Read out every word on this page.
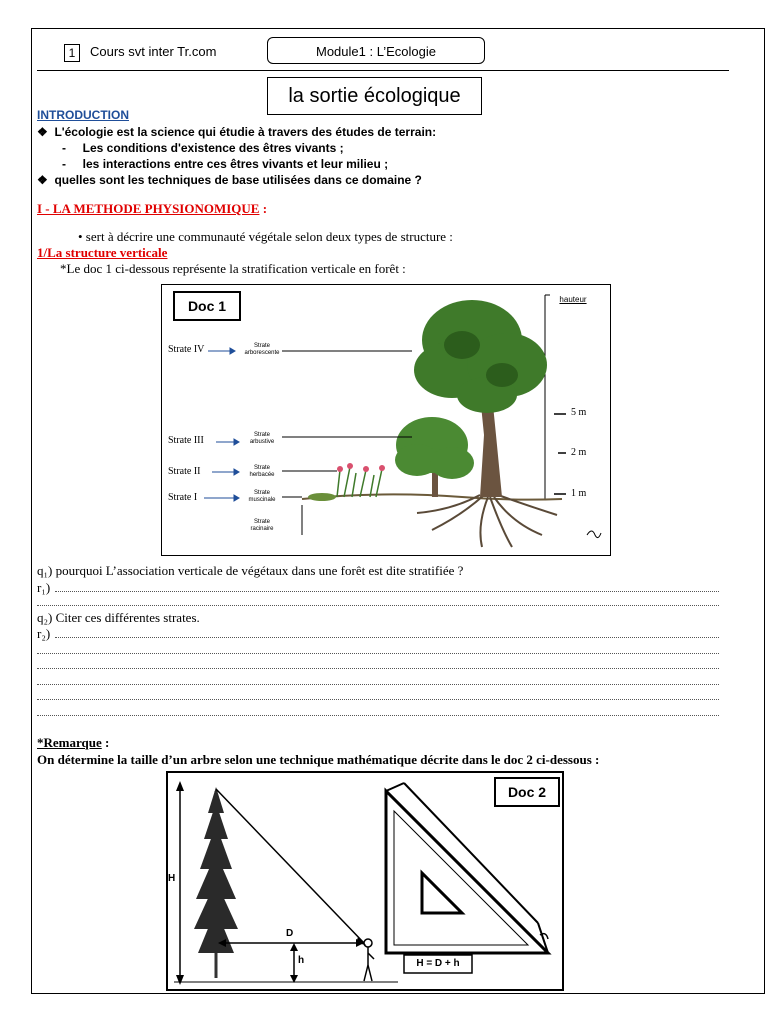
1	Cours svt inter Tr.com	Module1 : L’Ecologie
la sortie écologique
INTRODUCTION
❖ L'écologie est la science qui étudie à travers des études de terrain:
-     Les conditions d'existence des êtres vivants ;
-     les interactions entre ces êtres vivants et leur milieu ;
❖ quelles sont les techniques de base utilisées dans ce domaine ?
I - LA METHODE PHYSIONOMIQUE :
• sert à décrire une communauté végétale selon deux types de structure :
1/La structure verticale
*Le doc 1 ci-dessous représente la stratification verticale en forêt :
Doc 1
Strate IV
Strate III
Strate II
Strate I
Strate arborescente
Strate arbustive
Strate herbacée
Strate muscinale
Strate racinaire
hauteur
5 m
2 m
1 m
q₁) pourquoi L’association verticale de végétaux dans une forêt est dite stratifiée ?
r₁)
q₂) Citer ces différentes strates.
r₂)
*Remarque :
On détermine la taille d’un arbre selon une technique mathématique décrite dans le doc 2 ci-dessous :
Doc 2
H
D
h	H = D + h
